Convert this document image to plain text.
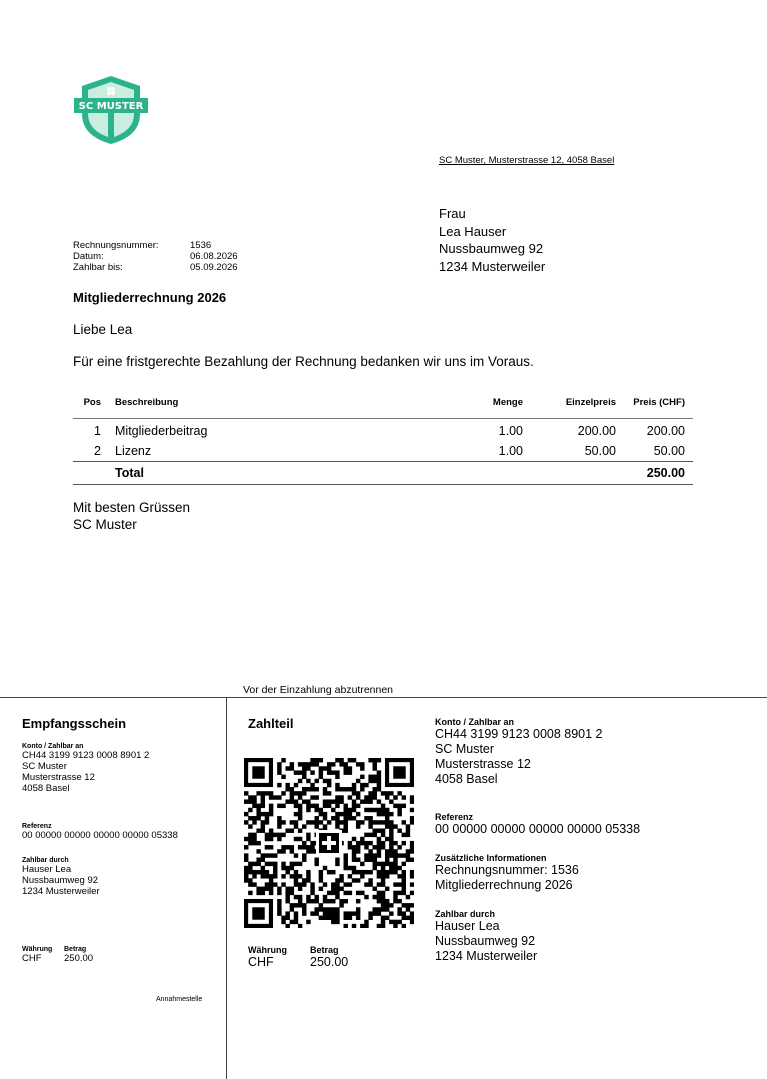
SC MUSTER
SC Muster, Musterstrasse 12, 4058 Basel
Frau
Lea Hauser
Nussbaumweg 92
1234 Musterweiler
Rechnungsnummer:	1536
Datum:	06.08.2026
Zahlbar bis:	05.09.2026
Mitgliederrechnung 2026
Liebe Lea
Für eine fristgerechte Bezahlung der Rechnung bedanken wir uns im Voraus.
Pos Beschreibung	Menge	Einzelpreis Preis (CHF)
1 Mitgliederbeitrag	1.00	200.00 200.00
2 Lizenz	1.00	50.00	50.00
Total	250.00
Mit besten Grüssen
SC Muster
Vor der Einzahlung abzutrennen
Empfangsschein
Konto / Zahlbar an
CH44 3199 9123 0008 8901 2
SC Muster
Musterstrasse 12
4058 Basel
Referenz
00 00000 00000 00000 00000 05338
Zahlbar durch
Hauser Lea
Nussbaumweg 92
1234 Musterweiler
Währung
CHF
Betrag
250.00
Annahmestelle
Zahlteil
Währung
CHF
Betrag
250.00
Konto / Zahlbar an
CH44 3199 9123 0008 8901 2
SC Muster
Musterstrasse 12
4058 Basel
Referenz
00 00000 00000 00000 00000 05338
Zusätzliche Informationen
Rechnungsnummer: 1536
Mitgliederrechnung 2026
Zahlbar durch
Hauser Lea
Nussbaumweg 92
1234 Musterweiler
